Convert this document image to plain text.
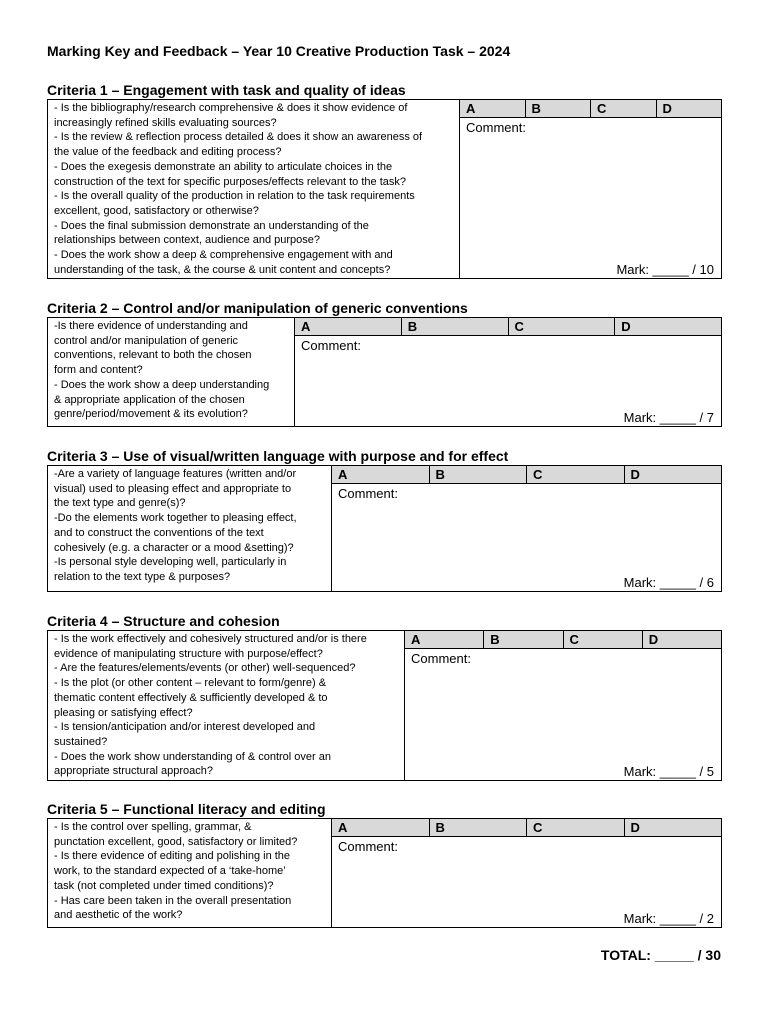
Marking Key and Feedback – Year 10 Creative Production Task – 2024
Criteria 1 – Engagement with task and quality of ideas
- Is the bibliography/research comprehensive & does it show evidence of
increasingly refined skills evaluating sources?
- Is the review & reflection process detailed & does it show an awareness of
the value of the feedback and editing process?
- Does the exegesis demonstrate an ability to articulate choices in the
construction of the text for specific purposes/effects relevant to the task?
- Is the overall quality of the production in relation to the task requirements
excellent, good, satisfactory or otherwise?
- Does the final submission demonstrate an understanding of the
relationships between context, audience and purpose?
- Does the work show a deep & comprehensive engagement with and
understanding of the task, & the course & unit content and concepts?
A	B	C	D
Comment:
Mark: _____ / 10
Criteria 2 – Control and/or manipulation of generic conventions
-Is there evidence of understanding and
control and/or manipulation of generic
conventions, relevant to both the chosen
form and content?
- Does the work show a deep understanding
& appropriate application of the chosen
genre/period/movement & its evolution?
A	B	C	D
Comment:
Mark: _____ / 7
Criteria 3 – Use of visual/written language with purpose and for effect
-Are a variety of language features (written and/or
visual) used to pleasing effect and appropriate to
the text type and genre(s)?
-Do the elements work together to pleasing effect,
and to construct the conventions of the text
cohesively (e.g. a character or a mood &setting)?
-Is personal style developing well, particularly in
relation to the text type & purposes?
A	B	C	D
Comment:
Mark: _____ / 6
Criteria 4 – Structure and cohesion
- Is the work effectively and cohesively structured and/or is there
evidence of manipulating structure with purpose/effect?
- Are the features/elements/events (or other) well-sequenced?
- Is the plot (or other content – relevant to form/genre) &
thematic content effectively & sufficiently developed & to
pleasing or satisfying effect?
- Is tension/anticipation and/or interest developed and
sustained?
- Does the work show understanding of & control over an
appropriate structural approach?
A	B	C	D
Comment:
Mark: _____ / 5
Criteria 5 – Functional literacy and editing
- Is the control over spelling, grammar, &
punctation excellent, good, satisfactory or limited?
- Is there evidence of editing and polishing in the
work, to the standard expected of a ‘take-home’
task (not completed under timed conditions)?
- Has care been taken in the overall presentation
and aesthetic of the work?
A	B	C	D
Comment:
Mark: _____ / 2
TOTAL: _____ / 30
